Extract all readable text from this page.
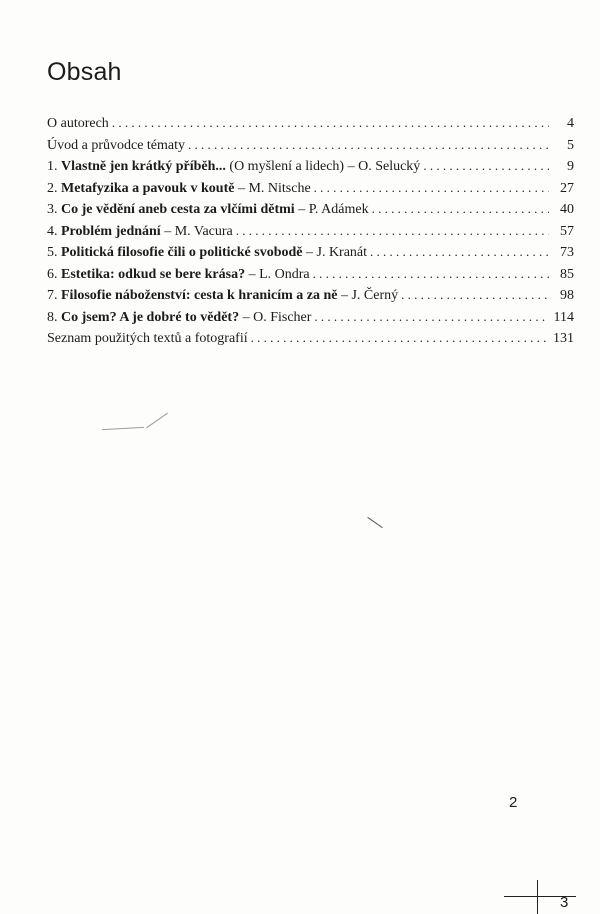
Obsah
O autorech . . .	4
Úvod a průvodce tématy . . .	5
1. Vlastně jen krátký příběh... (O myšlení a lidech) – O. Selucký . . .	9
2. Metafyzika a pavouk v koutě – M. Nitsche . . .	27
3. Co je vědění aneb cesta za vlčími dětmi – P. Adámek . . .	40
4. Problém jednání – M. Vacura . . .	57
5. Politická filosofie čili o politické svobodě – J. Kranát . . .	73
6. Estetika: odkud se bere krása? – L. Ondra . . .	85
7. Filosofie náboženství: cesta k hranicím a za ně – J. Černý . . .	98
8. Co jsem? A je dobré to vědět? – O. Fischer . . .	114
Seznam použitých textů a fotografií . . .	131
2
3
